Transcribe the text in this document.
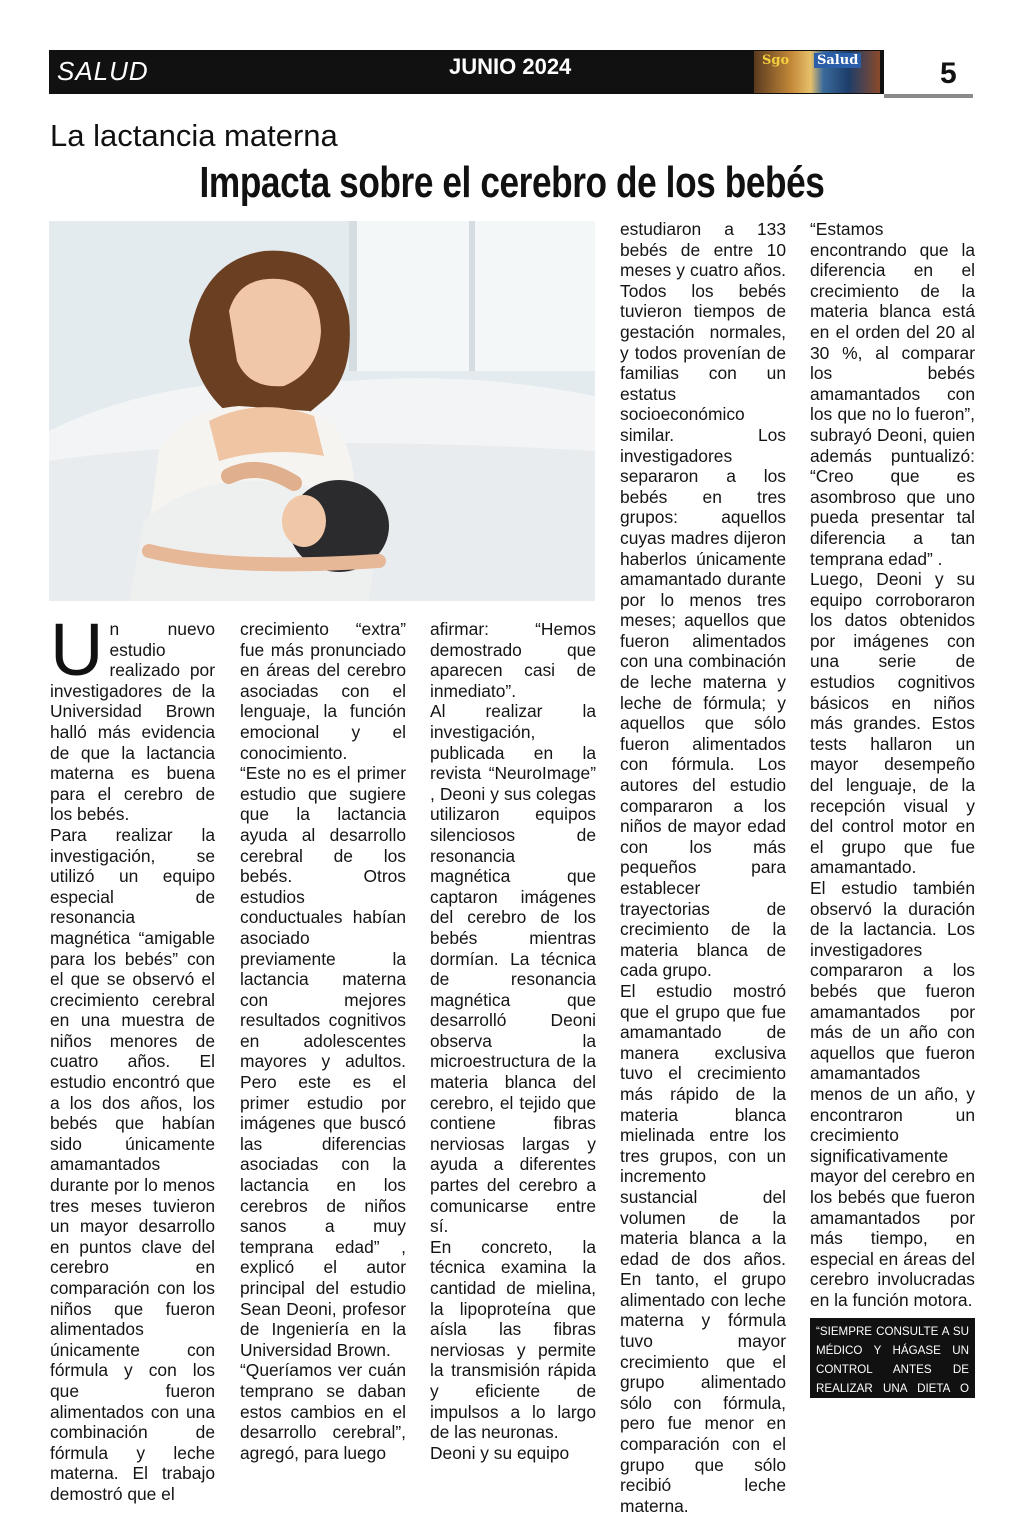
SALUD	JUNIO 2024	Sgo Salud	5
La lactancia materna
Impacta sobre el cerebro de los bebés
U n nuevo estudio realizado por investigadores de la Universidad Brown halló más evidencia de que la lactancia materna es buena para el cerebro de los bebés.

Para realizar la investigación, se utilizó un equipo especial de resonancia magnética “amigable para los bebés” con el que se observó el crecimiento cerebral en una muestra de niños menores de cuatro años. El estudio encontró que a los dos años, los bebés que habían sido únicamente amamantados durante por lo menos tres meses tuvieron un mayor desarrollo en puntos clave del cerebro en comparación con los niños que fueron alimentados únicamente con fórmula y con los que fueron alimentados con una combinación de fórmula y leche materna. El trabajo demostró que el

crecimiento “extra” fue más pronunciado en áreas del cerebro asociadas con el lenguaje, la función emocional y el conocimiento.

“Este no es el primer estudio que sugiere que la lactancia ayuda al desarrollo cerebral de los bebés. Otros estudios conductuales habían asociado previamente la lactancia materna con mejores resultados cognitivos en adolescentes mayores y adultos. Pero este es el primer estudio por imágenes que buscó las diferencias asociadas con la lactancia en los cerebros de niños sanos a muy temprana edad” , explicó el autor principal del estudio Sean Deoni, profesor de Ingeniería en la Universidad Brown.

“Queríamos ver cuán temprano se daban estos cambios en el desarrollo cerebral”, agregó, para luego

afirmar: “Hemos demostrado que aparecen casi de inmediato”.

Al realizar la investigación, publicada en la revista “NeuroImage” , Deoni y sus colegas utilizaron equipos silenciosos de resonancia magnética que captaron imágenes del cerebro de los bebés mientras dormían. La técnica de resonancia magnética que desarrolló Deoni observa la microestructura de la materia blanca del cerebro, el tejido que contiene fibras nerviosas largas y ayuda a diferentes partes del cerebro a comunicarse entre sí.

En concreto, la técnica examina la cantidad de mielina, la lipoproteína que aísla las fibras nerviosas y permite la transmisión rápida y eficiente de impulsos a lo largo de las neuronas.

Deoni y su equipo

estudiaron a 133 bebés de entre 10 meses y cuatro años. Todos los bebés tuvieron tiempos de gestación normales, y todos provenían de familias con un estatus socioeconómico similar. Los investigadores separaron a los bebés en tres grupos: aquellos cuyas madres dijeron haberlos únicamente amamantado durante por lo menos tres meses; aquellos que fueron alimentados con una combinación de leche materna y leche de fórmula; y aquellos que sólo fueron alimentados con fórmula. Los autores del estudio compararon a los niños de mayor edad con los más pequeños para establecer trayectorias de crecimiento de la materia blanca de cada grupo.

El estudio mostró que el grupo que fue amamantado de manera exclusiva tuvo el crecimiento más rápido de la materia blanca mielinada entre los tres grupos, con un incremento sustancial del volumen de la materia blanca a la edad de dos años. En tanto, el grupo alimentado con leche materna y fórmula tuvo mayor crecimiento que el grupo alimentado sólo con fórmula, pero fue menor en comparación con el grupo que sólo recibió leche materna.

“Estamos encontrando que la diferencia en el crecimiento de la materia blanca está en el orden del 20 al 30 %, al comparar los bebés amamantados con los que no lo fueron”, subrayó Deoni, quien además puntualizó: “Creo que es asombroso que uno pueda presentar tal diferencia a tan temprana edad” .

Luego, Deoni y su equipo corroboraron los datos obtenidos por imágenes con una serie de estudios cognitivos básicos en niños más grandes. Estos tests hallaron un mayor desempeño del lenguaje, de la recepción visual y del control motor en el grupo que fue amamantado.

El estudio también observó la duración de la lactancia. Los investigadores compararon a los bebés que fueron amamantados por más de un año con aquellos que fueron amamantados menos de un año, y encontraron un crecimiento significativamente mayor del cerebro en los bebés que fueron amamantados por más tiempo, en especial en áreas del cerebro involucradas en la función motora.

“SIEMPRE CONSULTE A SU MÉDICO Y HÁGASE UN CONTROL ANTES DE REALIZAR UNA DIETA O ACTIVIDAD FÍSICA”
